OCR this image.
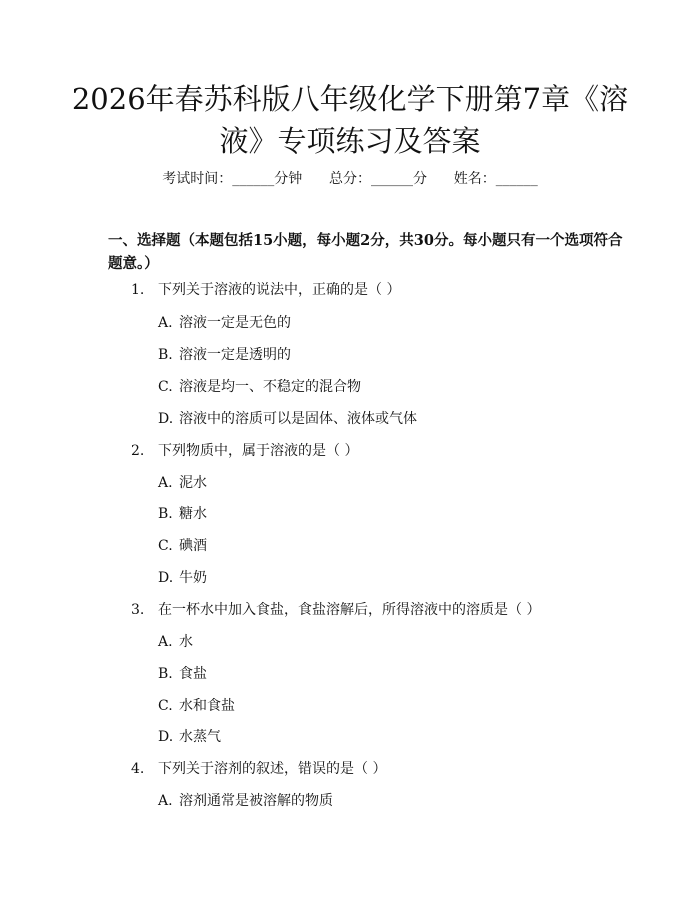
2026年春苏科版八年级化学下册第7章《溶液》专项练习及答案
考试时间：______分钟 总分：______分 姓名：______
一、选择题（本题包括15小题，每小题2分，共30分。每小题只有一个选项符合题意。）
1. 下列关于溶液的说法中，正确的是（ ）
A. 溶液一定是无色的
B. 溶液一定是透明的
C. 溶液是均一、不稳定的混合物
D. 溶液中的溶质可以是固体、液体或气体
2. 下列物质中，属于溶液的是（ ）
A. 泥水
B. 糖水
C. 碘酒
D. 牛奶
3. 在一杯水中加入食盐，食盐溶解后，所得溶液中的溶质是（ ）
A. 水
B. 食盐
C. 水和食盐
D. 水蒸气
4. 下列关于溶剂的叙述，错误的是（ ）
A. 溶剂通常是被溶解的物质
